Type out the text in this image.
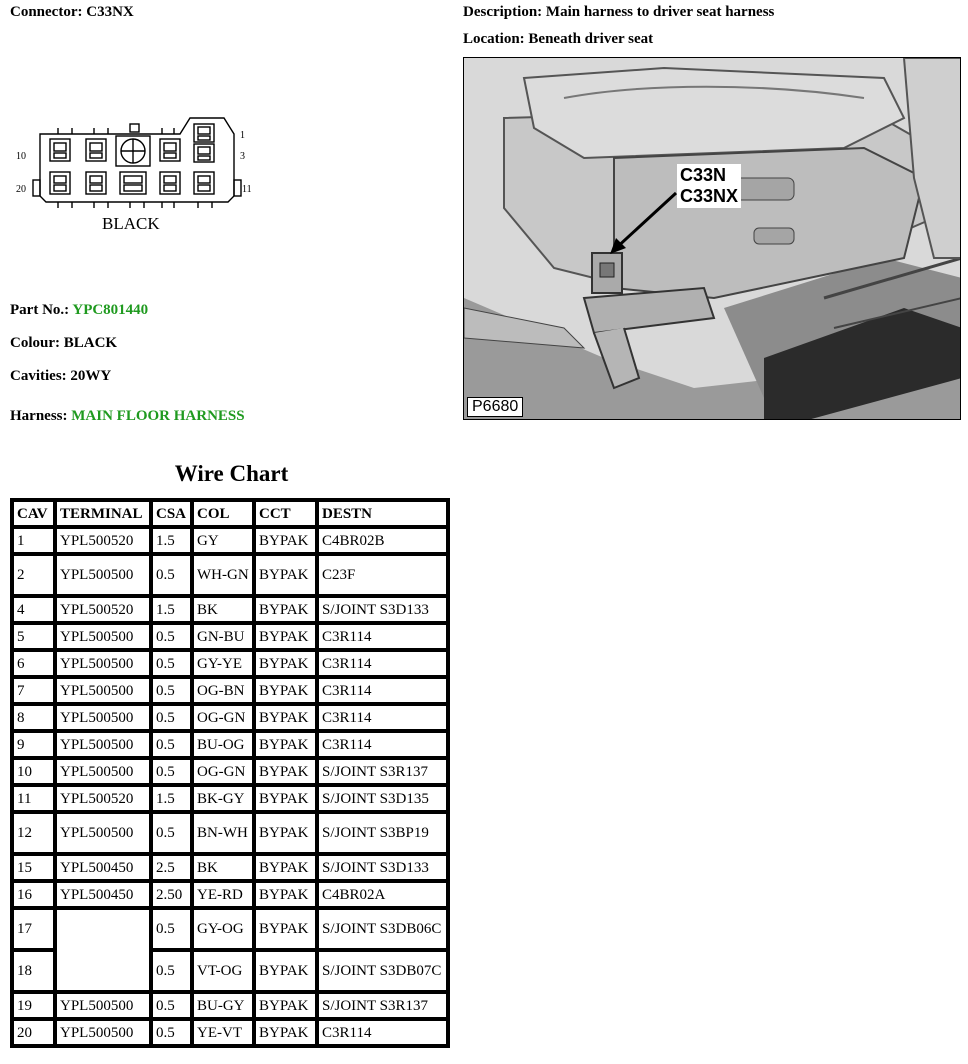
Connector: C33NX	Description: Main harness to driver seat harness
Location: Beneath driver seat
1
3
10
20	11
BLACK
C33N
C33NX
P6680
Part No.: YPC801440
Colour: BLACK
Cavities: 20WY
Harness: MAIN FLOOR HARNESS
Wire Chart
CAV	TERMINAL	CSA	COL	CCT	DESTN
1	YPL500520	1.5	GY	BYPAK	C4BR02B
2	YPL500500	0.5	WH-GN	BYPAK	C23F
4	YPL500520	1.5	BK	BYPAK	S/JOINT S3D133
5	YPL500500	0.5	GN-BU	BYPAK	C3R114
6	YPL500500	0.5	GY-YE	BYPAK	C3R114
7	YPL500500	0.5	OG-BN	BYPAK	C3R114
8	YPL500500	0.5	OG-GN	BYPAK	C3R114
9	YPL500500	0.5	BU-OG	BYPAK	C3R114
10	YPL500500	0.5	OG-GN	BYPAK	S/JOINT S3R137
11	YPL500520	1.5	BK-GY	BYPAK	S/JOINT S3D135
12	YPL500500	0.5	BN-WH	BYPAK	S/JOINT S3BP19
15	YPL500450	2.5	BK	BYPAK	S/JOINT S3D133
16	YPL500450	2.50	YE-RD	BYPAK	C4BR02A
17		0.5	GY-OG	BYPAK	S/JOINT S3DB06C
18		0.5	VT-OG	BYPAK	S/JOINT S3DB07C
19	YPL500500	0.5	BU-GY	BYPAK	S/JOINT S3R137
20	YPL500500	0.5	YE-VT	BYPAK	C3R114
